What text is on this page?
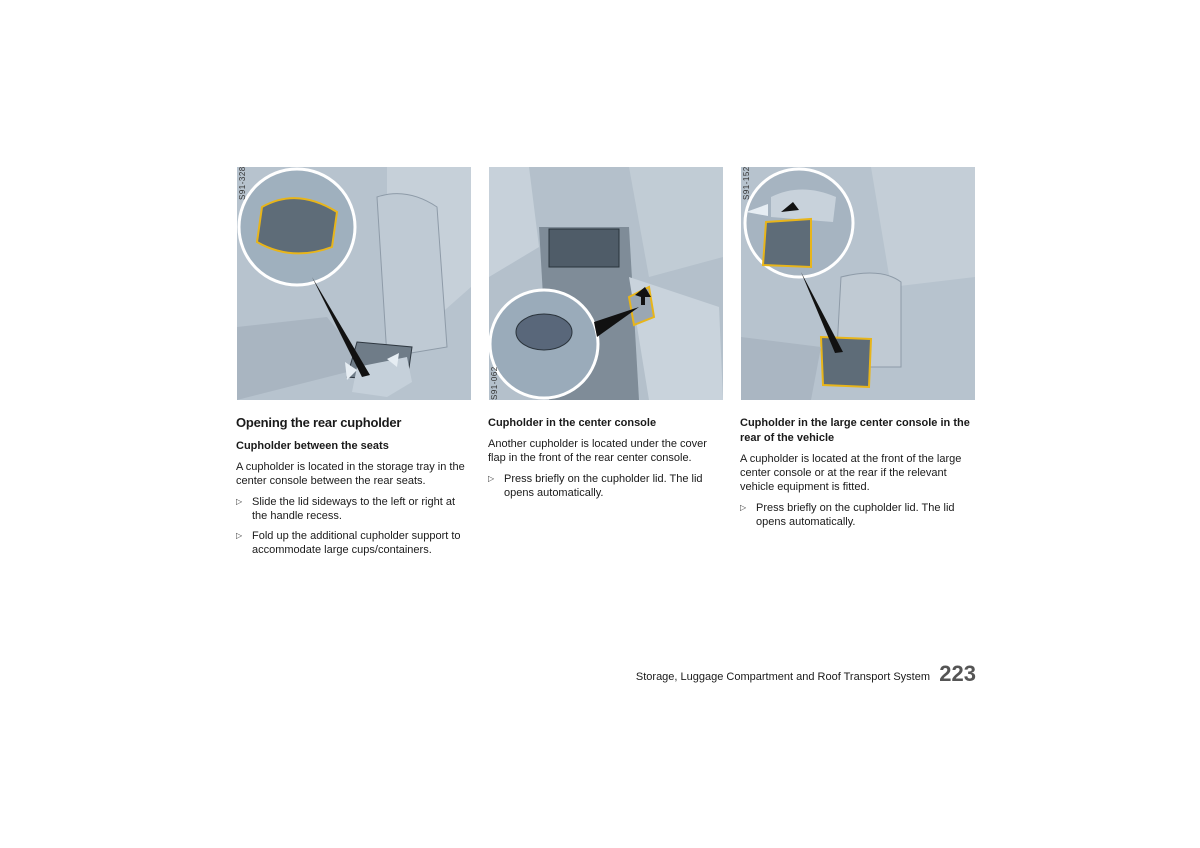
S91-328
S91-062
S91-152
Opening the rear cupholder
Cupholder between the seats

A cupholder is located in the storage tray in the center console between the rear seats.

▷ Slide the lid sideways to the left or right at the handle recess.
▷ Fold up the additional cupholder support to accommodate large cups/containers.
Cupholder in the center console

Another cupholder is located under the cover flap in the front of the rear center console.

▷ Press briefly on the cupholder lid. The lid opens automatically.
Cupholder in the large center console in the rear of the vehicle

A cupholder is located at the front of the large center console or at the rear if the relevant vehicle equipment is fitted.

▷ Press briefly on the cupholder lid. The lid opens automatically.
Storage, Luggage Compartment and Roof Transport System 223
